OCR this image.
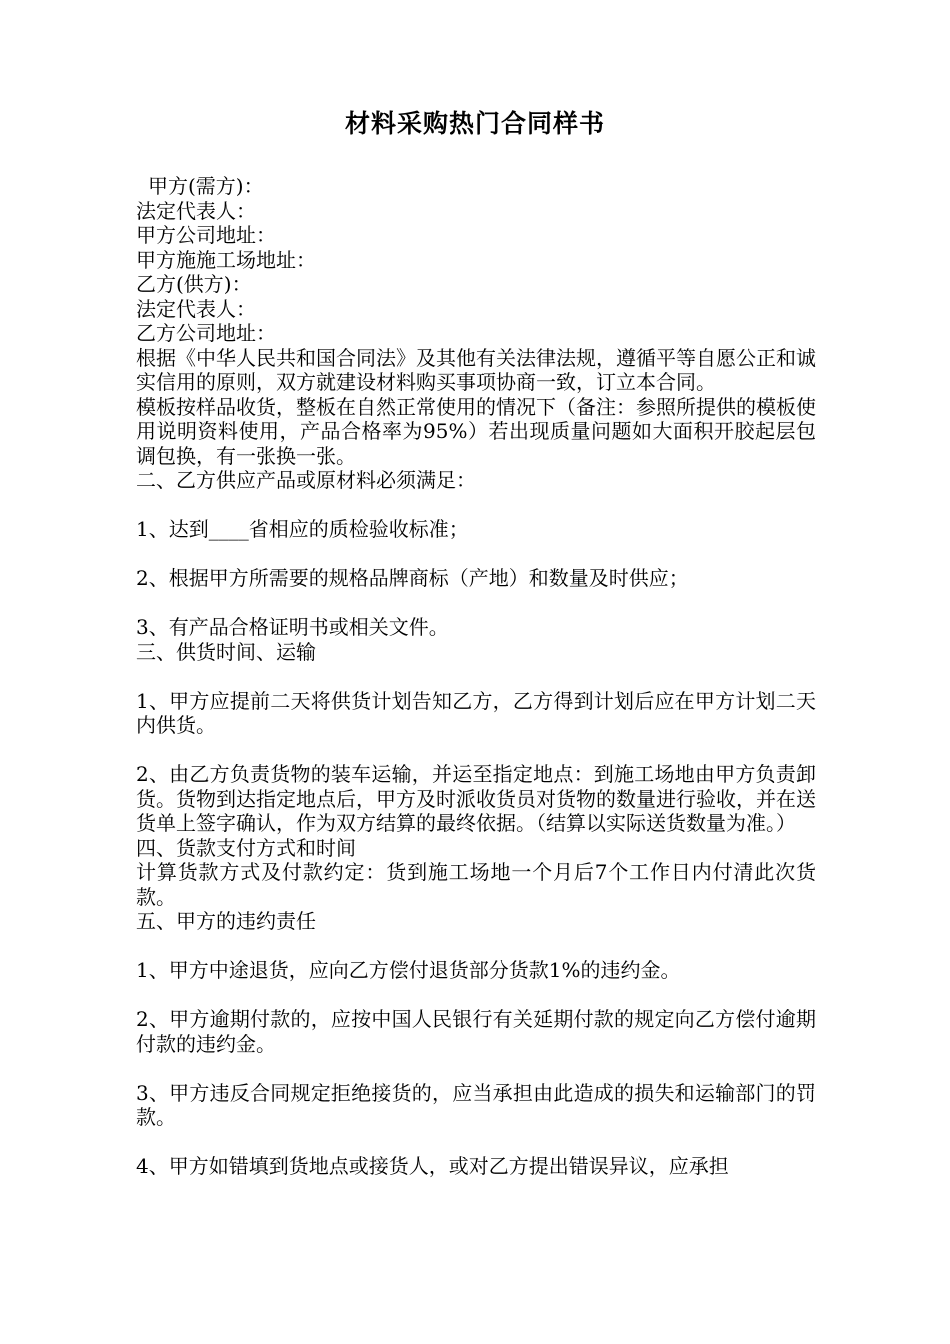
材料采购热门合同样书
甲方(需方)：
法定代表人：
甲方公司地址：
甲方施施工场地址：
乙方(供方)：
法定代表人：
乙方公司地址：
根据《中华人民共和国合同法》及其他有关法律法规，遵循平等自愿公正和诚实信用的原则，双方就建设材料购买事项协商一致，订立本合同。
模板按样品收货，整板在自然正常使用的情况下（备注：参照所提供的模板使用说明资料使用，产品合格率为95%）若出现质量问题如大面积开胶起层包调包换，有一张换一张。
二、乙方供应产品或原材料必须满足：
1、达到____省相应的质检验收标准；
2、根据甲方所需要的规格品牌商标（产地）和数量及时供应；
3、有产品合格证明书或相关文件。
三、供货时间、运输
1、甲方应提前二天将供货计划告知乙方，乙方得到计划后应在甲方计划二天内供货。
2、由乙方负责货物的装车运输，并运至指定地点：到施工场地由甲方负责卸货。货物到达指定地点后，甲方及时派收货员对货物的数量进行验收，并在送货单上签字确认，作为双方结算的最终依据。（结算以实际送货数量为准。）
四、货款支付方式和时间
计算货款方式及付款约定：货到施工场地一个月后7个工作日内付清此次货款。
五、甲方的违约责任
1、甲方中途退货，应向乙方偿付退货部分货款1%的违约金。
2、甲方逾期付款的，应按中国人民银行有关延期付款的规定向乙方偿付逾期付款的违约金。
3、甲方违反合同规定拒绝接货的，应当承担由此造成的损失和运输部门的罚款。
4、甲方如错填到货地点或接货人，或对乙方提出错误异议，应承担
